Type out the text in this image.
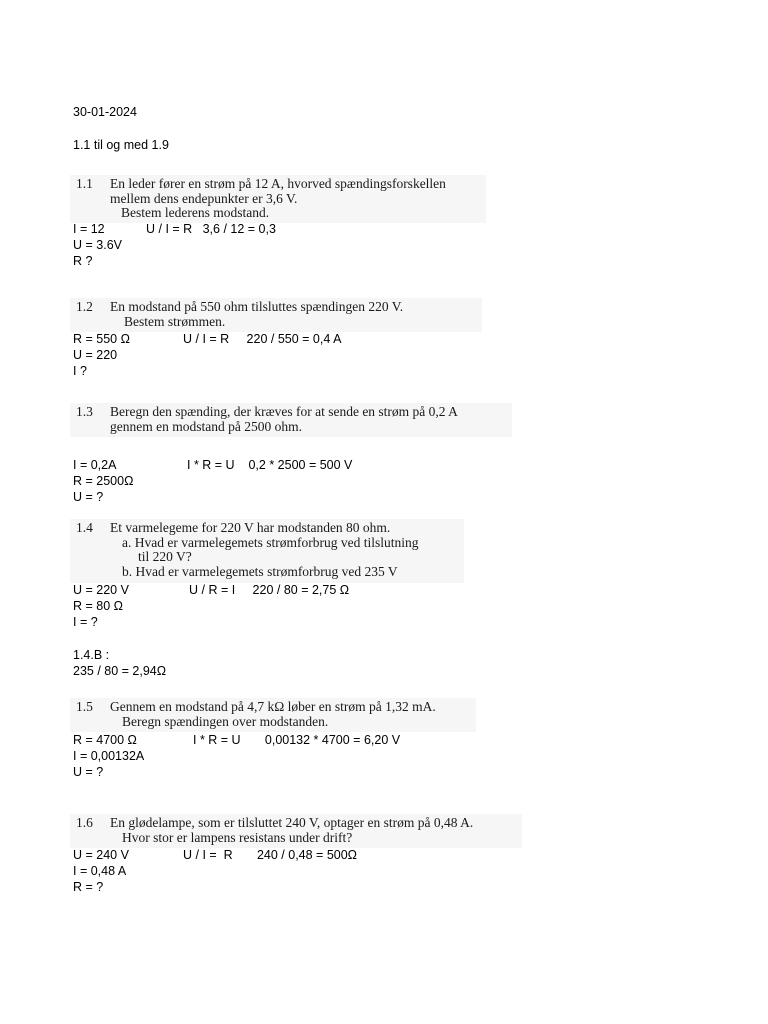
30-01-2024
1.1 til og med 1.9
1.1 En leder fører en strøm på 12 A, hvorved spændingsforskellen
mellem dens endepunkter er 3,6 V.
Bestem lederens modstand.
I = 12	U / I = R   3,6 / 12 = 0,3
U = 3.6V
R ?
1.2 En modstand på 550 ohm tilsluttes spændingen 220 V.
Bestem strømmen.
R = 550 Ω	U / I = R     220 / 550 = 0,4 A
U = 220
I ?
1.3 Beregn den spænding, der kræves for at sende en strøm på 0,2 A
gennem en modstand på 2500 ohm.
I = 0,2A	I * R = U    0,2 * 2500 = 500 V
R = 2500Ω
U = ?
1.4 Et varmelegeme for 220 V har modstanden 80 ohm.
a. Hvad er varmelegemets strømforbrug ved tilslutning
til 220 V?
b. Hvad er varmelegemets strømforbrug ved 235 V
U = 220 V	U / R = I     220 / 80 = 2,75 Ω
R = 80 Ω
I = ?
1.4.B :
235 / 80 = 2,94Ω
1.5 Gennem en modstand på 4,7 kΩ løber en strøm på 1,32 mA.
Beregn spændingen over modstanden.
R = 4700 Ω	I * R = U       0,00132 * 4700 = 6,20 V
I = 0,00132A
U = ?
1.6 En glødelampe, som er tilsluttet 240 V, optager en strøm på 0,48 A.
Hvor stor er lampens resistans under drift?
U = 240 V	U / I =  R       240 / 0,48 = 500Ω
I = 0,48 A
R = ?
